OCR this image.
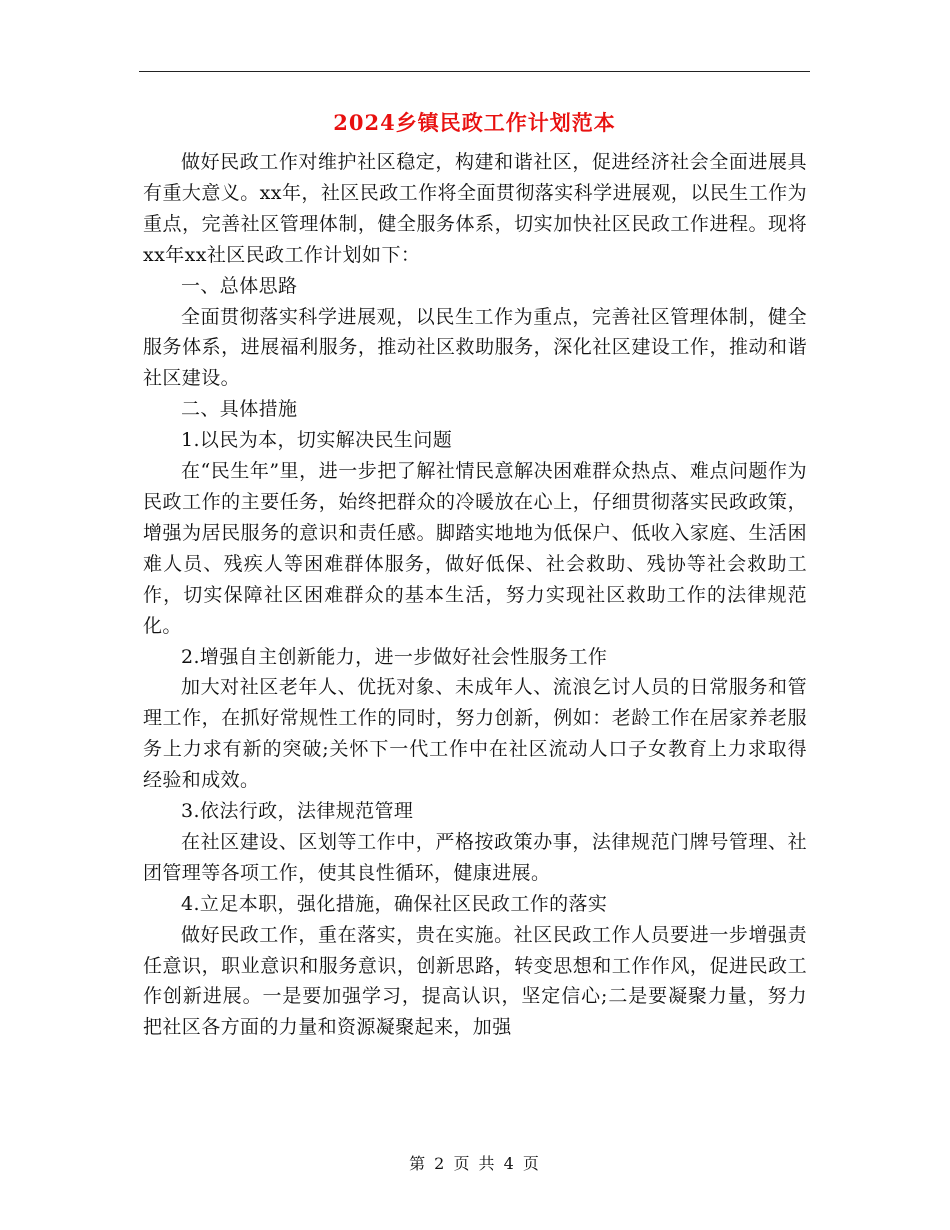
2024乡镇民政工作计划范本

做好民政工作对维护社区稳定，构建和谐社区，促进经济社会全面进展具有重大意义。xx年，社区民政工作将全面贯彻落实科学进展观，以民生工作为重点，完善社区管理体制，健全服务体系，切实加快社区民政工作进程。现将xx年xx社区民政工作计划如下：

一、总体思路

全面贯彻落实科学进展观，以民生工作为重点，完善社区管理体制，健全服务体系，进展福利服务，推动社区救助服务，深化社区建设工作，推动和谐社区建设。

二、具体措施

1.以民为本，切实解决民生问题

在“民生年”里，进一步把了解社情民意解决困难群众热点、难点问题作为民政工作的主要任务，始终把群众的冷暖放在心上，仔细贯彻落实民政政策，增强为居民服务的意识和责任感。脚踏实地地为低保户、低收入家庭、生活困难人员、残疾人等困难群体服务，做好低保、社会救助、残协等社会救助工作，切实保障社区困难群众的基本生活，努力实现社区救助工作的法律规范化。

2.增强自主创新能力，进一步做好社会性服务工作

加大对社区老年人、优抚对象、未成年人、流浪乞讨人员的日常服务和管理工作，在抓好常规性工作的同时，努力创新，例如：老龄工作在居家养老服务上力求有新的突破;关怀下一代工作中在社区流动人口子女教育上力求取得经验和成效。

3.依法行政，法律规范管理

在社区建设、区划等工作中，严格按政策办事，法律规范门牌号管理、社团管理等各项工作，使其良性循环，健康进展。

4.立足本职，强化措施，确保社区民政工作的落实

做好民政工作，重在落实，贵在实施。社区民政工作人员要进一步增强责任意识，职业意识和服务意识，创新思路，转变思想和工作作风，促进民政工作创新进展。一是要加强学习，提高认识，坚定信心;二是要凝聚力量，努力把社区各方面的力量和资源凝聚起来，加强

第 2 页 共 4 页
